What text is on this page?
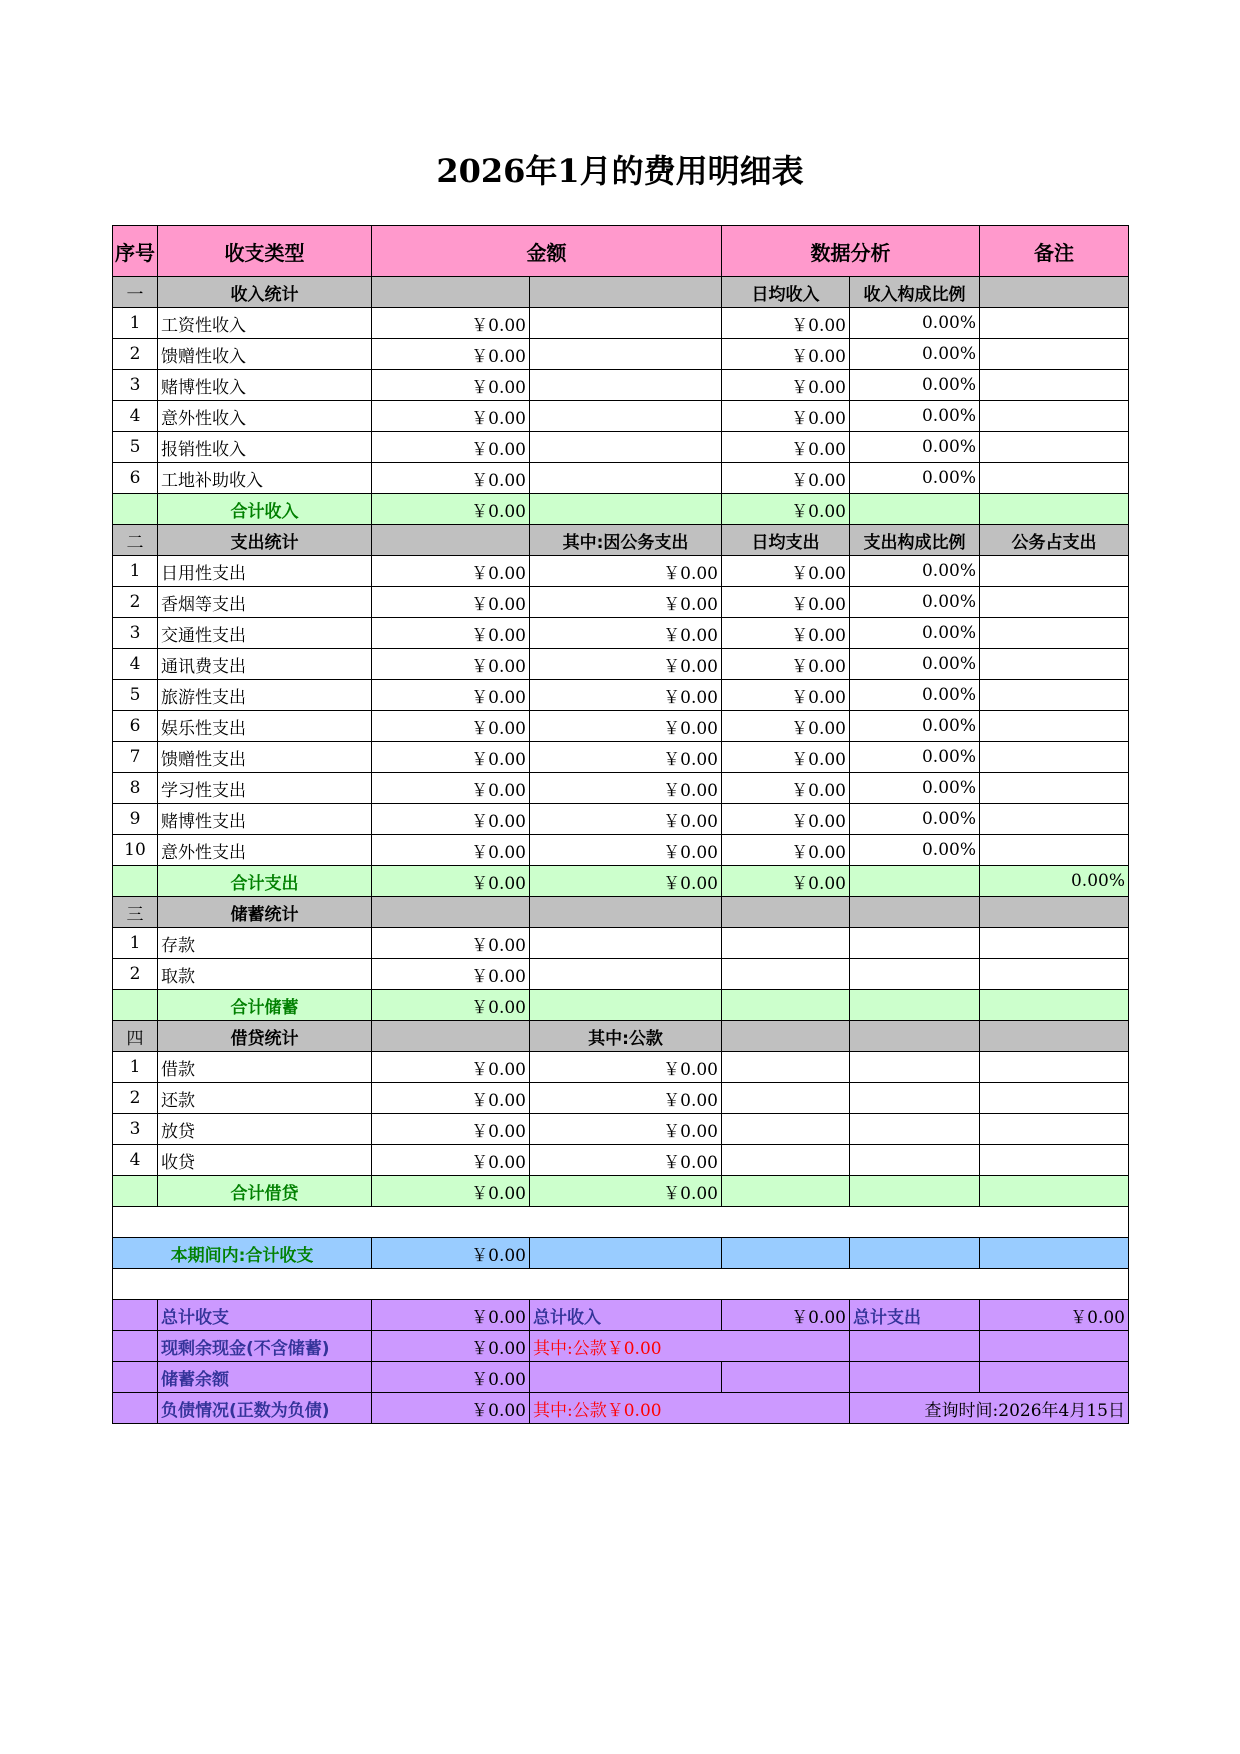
2026年1月的费用明细表
序号	收支类型	金额		数据分析		备注
一	收入统计			日均收入	收入构成比例	
1	工资性收入	￥0.00		￥0.00	0.00%	
2	馈赠性收入	￥0.00		￥0.00	0.00%	
3	赌博性收入	￥0.00		￥0.00	0.00%	
4	意外性收入	￥0.00		￥0.00	0.00%	
5	报销性收入	￥0.00		￥0.00	0.00%	
6	工地补助收入	￥0.00		￥0.00	0.00%	
	合计收入	￥0.00		￥0.00		
二	支出统计		其中:因公务支出	日均支出	支出构成比例	公务占支出
1	日用性支出	￥0.00	￥0.00	￥0.00	0.00%	
2	香烟等支出	￥0.00	￥0.00	￥0.00	0.00%	
3	交通性支出	￥0.00	￥0.00	￥0.00	0.00%	
4	通讯费支出	￥0.00	￥0.00	￥0.00	0.00%	
5	旅游性支出	￥0.00	￥0.00	￥0.00	0.00%	
6	娱乐性支出	￥0.00	￥0.00	￥0.00	0.00%	
7	馈赠性支出	￥0.00	￥0.00	￥0.00	0.00%	
8	学习性支出	￥0.00	￥0.00	￥0.00	0.00%	
9	赌博性支出	￥0.00	￥0.00	￥0.00	0.00%	
10	意外性支出	￥0.00	￥0.00	￥0.00	0.00%	
	合计支出	￥0.00	￥0.00	￥0.00		0.00%
三	储蓄统计					
1	存款	￥0.00				
2	取款	￥0.00				
	合计储蓄	￥0.00				
四	借贷统计		其中:公款			
1	借款	￥0.00	￥0.00			
2	还款	￥0.00	￥0.00			
3	放贷	￥0.00	￥0.00			
4	收贷	￥0.00	￥0.00			
	合计借贷	￥0.00	￥0.00			

本期间内:合计收支		￥0.00				

	总计收支	￥0.00	总计收入	￥0.00	总计支出	￥0.00
	现剩余现金(不含储蓄)	￥0.00	其中:公款￥0.00			
	储蓄余额	￥0.00				
	负债情况(正数为负债)	￥0.00	其中:公款￥0.00		查询时间:2026年4月15日	
